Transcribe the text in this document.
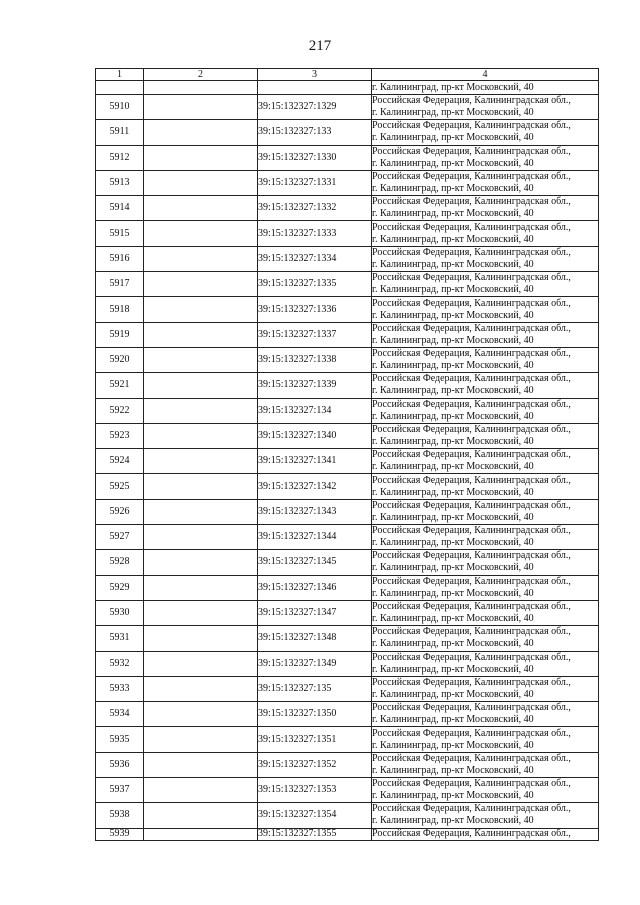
217
1	2	3	4
			г. Калининград, пр-кт Московский, 40
5910		39:15:132327:1329	Российская Федерация, Калининградская обл.,
г. Калининград, пр-кт Московский, 40

5911		39:15:132327:133	Российская Федерация, Калининградская обл.,
г. Калининград, пр-кт Московский, 40

5912		39:15:132327:1330	Российская Федерация, Калининградская обл.,
г. Калининград, пр-кт Московский, 40

5913		39:15:132327:1331	Российская Федерация, Калининградская обл.,
г. Калининград, пр-кт Московский, 40

5914		39:15:132327:1332	Российская Федерация, Калининградская обл.,
г. Калининград, пр-кт Московский, 40

5915		39:15:132327:1333	Российская Федерация, Калининградская обл.,
г. Калининград, пр-кт Московский, 40

5916		39:15:132327:1334	Российская Федерация, Калининградская обл.,
г. Калининград, пр-кт Московский, 40

5917		39:15:132327:1335	Российская Федерация, Калининградская обл.,
г. Калининград, пр-кт Московский, 40

5918		39:15:132327:1336	Российская Федерация, Калининградская обл.,
г. Калининград, пр-кт Московский, 40

5919		39:15:132327:1337	Российская Федерация, Калининградская обл.,
г. Калининград, пр-кт Московский, 40

5920		39:15:132327:1338	Российская Федерация, Калининградская обл.,
г. Калининград, пр-кт Московский, 40

5921		39:15:132327:1339	Российская Федерация, Калининградская обл.,
г. Калининград, пр-кт Московский, 40

5922		39:15:132327:134	Российская Федерация, Калининградская обл.,
г. Калининград, пр-кт Московский, 40

5923		39:15:132327:1340	Российская Федерация, Калининградская обл.,
г. Калининград, пр-кт Московский, 40

5924		39:15:132327:1341	Российская Федерация, Калининградская обл.,
г. Калининград, пр-кт Московский, 40

5925		39:15:132327:1342	Российская Федерация, Калининградская обл.,
г. Калининград, пр-кт Московский, 40

5926		39:15:132327:1343	Российская Федерация, Калининградская обл.,
г. Калининград, пр-кт Московский, 40

5927		39:15:132327:1344	Российская Федерация, Калининградская обл.,
г. Калининград, пр-кт Московский, 40

5928		39:15:132327:1345	Российская Федерация, Калининградская обл.,
г. Калининград, пр-кт Московский, 40

5929		39:15:132327:1346	Российская Федерация, Калининградская обл.,
г. Калининград, пр-кт Московский, 40

5930		39:15:132327:1347	Российская Федерация, Калининградская обл.,
г. Калининград, пр-кт Московский, 40

5931		39:15:132327:1348	Российская Федерация, Калининградская обл.,
г. Калининград, пр-кт Московский, 40

5932		39:15:132327:1349	Российская Федерация, Калининградская обл.,
г. Калининград, пр-кт Московский, 40

5933		39:15:132327:135	Российская Федерация, Калининградская обл.,
г. Калининград, пр-кт Московский, 40

5934		39:15:132327:1350	Российская Федерация, Калининградская обл.,
г. Калининград, пр-кт Московский, 40

5935		39:15:132327:1351	Российская Федерация, Калининградская обл.,
г. Калининград, пр-кт Московский, 40

5936		39:15:132327:1352	Российская Федерация, Калининградская обл.,
г. Калининград, пр-кт Московский, 40

5937		39:15:132327:1353	Российская Федерация, Калининградская обл.,
г. Калининград, пр-кт Московский, 40

5938		39:15:132327:1354	Российская Федерация, Калининградская обл.,
г. Калининград, пр-кт Московский, 40

5939		39:15:132327:1355	Российская Федерация, Калининградская обл.,
